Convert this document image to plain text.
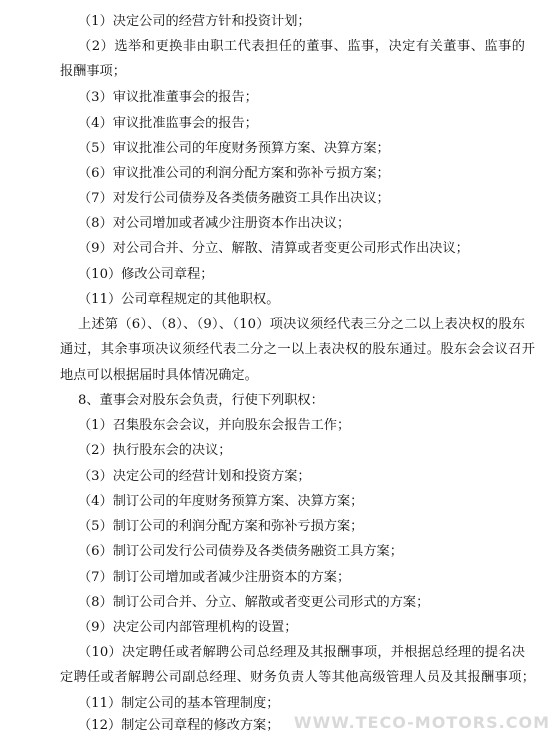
（1）决定公司的经营方针和投资计划；
（2）选举和更换非由职工代表担任的董事、监事，决定有关董事、监事的
报酬事项；
（3）审议批准董事会的报告；
（4）审议批准监事会的报告；
（5）审议批准公司的年度财务预算方案、决算方案；
（6）审议批准公司的利润分配方案和弥补亏损方案；
（7）对发行公司债券及各类债务融资工具作出决议；
（8）对公司增加或者减少注册资本作出决议；
（9）对公司合并、分立、解散、清算或者变更公司形式作出决议；
（10）修改公司章程；
（11）公司章程规定的其他职权。
上述第（6）、（8）、（9）、（10）项决议须经代表三分之二以上表决权的股东
通过，其余事项决议须经代表二分之一以上表决权的股东通过。股东会会议召开
地点可以根据届时具体情况确定。
8、董事会对股东会负责，行使下列职权：
（1）召集股东会会议，并向股东会报告工作；
（2）执行股东会的决议；
（3）决定公司的经营计划和投资方案；
（4）制订公司的年度财务预算方案、决算方案；
（5）制订公司的利润分配方案和弥补亏损方案；
（6）制订公司发行公司债券及各类债务融资工具方案；
（7）制订公司增加或者减少注册资本的方案；
（8）制订公司合并、分立、解散或者变更公司形式的方案；
（9）决定公司内部管理机构的设置；
（10）决定聘任或者解聘公司总经理及其报酬事项，并根据总经理的提名决
定聘任或者解聘公司副总经理、财务负责人等其他高级管理人员及其报酬事项；
（11）制定公司的基本管理制度；
（12）制定公司章程的修改方案； WWW.TECO-MOTORS.COM
